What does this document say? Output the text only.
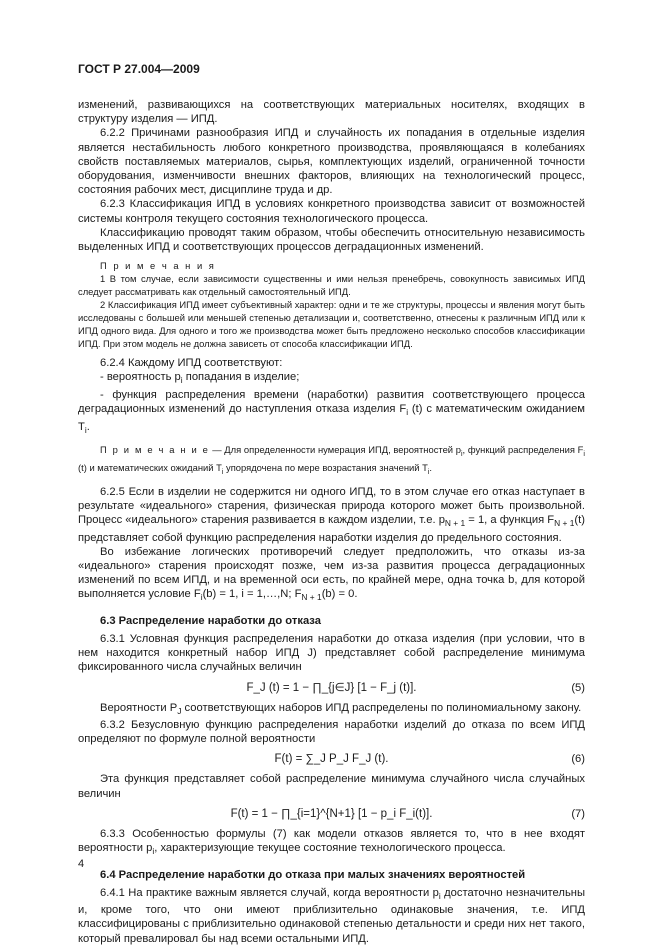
ГОСТ Р 27.004—2009

изменений, развивающихся на соответствующих материальных носителях, входящих в структуру изделия — ИПД.

6.2.2 Причинами разнообразия ИПД и случайность их попадания в отдельные изделия является нестабильность любого конкретного производства, проявляющаяся в колебаниях свойств поставляемых материалов, сырья, комплектующих изделий, ограниченной точности оборудования, изменчивости внешних факторов, влияющих на технологический процесс, состояния рабочих мест, дисциплине труда и др.

6.2.3 Классификация ИПД в условиях конкретного производства зависит от возможностей системы контроля текущего состояния технологического процесса.

Классификацию проводят таким образом, чтобы обеспечить относительную независимость выделенных ИПД и соответствующих процессов деградационных изменений.

П р и м е ч а н и я

1 В том случае, если зависимости существенны и ими нельзя пренебречь, совокупность зависимых ИПД следует рассматривать как отдельный самостоятельный ИПД.

2 Классификация ИПД имеет субъективный характер: одни и те же структуры, процессы и явления могут быть исследованы с большей или меньшей степенью детализации и, соответственно, отнесены к различным ИПД или к ИПД одного вида. Для одного и того же производства может быть предложено несколько способов классификации ИПД. При этом модель не должна зависеть от способа классификации ИПД.

6.2.4 Каждому ИПД соответствуют:

- вероятность $p_i$ попадания в изделие;

- функция распределения времени (наработки) развития соответствующего процесса деградационных изменений до наступления отказа изделия $F_i$ (t) с математическим ожиданием $T_i$.

П р и м е ч а н и е — Для определенности нумерация ИПД, вероятностей $p_i$, функций распределения $F_i$ (t) и математических ожиданий $T_i$ упорядочена по мере возрастания значений $T_i$.

6.2.5 Если в изделии не содержится ни одного ИПД, то в этом случае его отказ наступает в результате «идеального» старения, физическая природа которого может быть произвольной. Процесс «идеального» старения развивается в каждом изделии, т.е. $p_{N + 1} = 1$, а функция $F_{N + 1}(t)$ представляет собой функцию распределения наработки изделия до предельного состояния.

Во избежание логических противоречий следует предположить, что отказы из-за «идеального» старения происходят позже, чем из-за развития процесса деградационных изменений по всем ИПД, и на временной оси есть, по крайней мере, одна точка b, для которой выполняется условие $F_i(b) = 1$, i = 1,…,N; $F_{N + 1}(b) = 0$.

6.3 Распределение наработки до отказа

6.3.1 Условная функция распределения наработки до отказа изделия (при условии, что в нем находится конкретный набор ИПД J) представляет собой распределение минимума фиксированного числа случайных величин

F_J (t) = 1 − ∏_{j∈J} [1 − F_j (t)].	(5)

Вероятности $P_J$ соответствующих наборов ИПД распределены по полиномиальному закону.

6.3.2 Безусловную функцию распределения наработки изделий до отказа по всем ИПД определяют по формуле полной вероятности

F(t) = ∑_J P_J F_J (t).	(6)

Эта функция представляет собой распределение минимума случайного числа случайных величин

F(t) = 1 − ∏_{i=1}^{N+1} [1 − p_i F_i(t)].	(7)

6.3.3 Особенностью формулы (7) как модели отказов является то, что в нее входят вероятности $p_i$, характеризующие текущее состояние технологического процесса.

6.4 Распределение наработки до отказа при малых значениях вероятностей

6.4.1 На практике важным является случай, когда вероятности $p_i$ достаточно незначительны и, кроме того, что они имеют приблизительно одинаковые значения, т.е. ИПД классифицированы с приблизительно одинаковой степенью детальности и среди них нет такого, который превалировал бы над всеми остальными ИПД.

4
